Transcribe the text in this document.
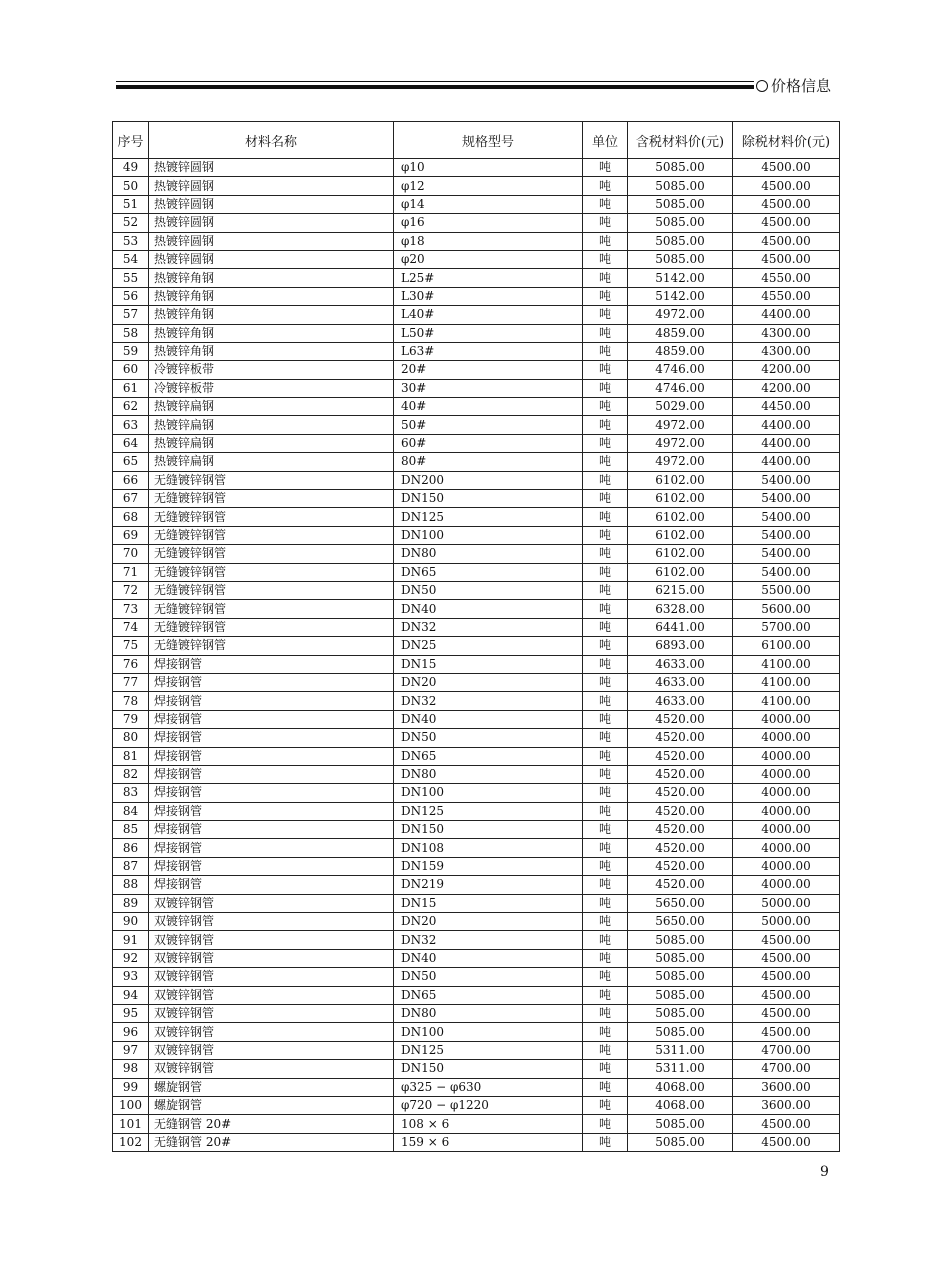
价格信息
序号	材料名称	规格型号	单位	含税材料价(元)	除税材料价(元)
49	热镀锌圆钢	φ10	吨	5085.00	4500.00
50	热镀锌圆钢	φ12	吨	5085.00	4500.00
51	热镀锌圆钢	φ14	吨	5085.00	4500.00
52	热镀锌圆钢	φ16	吨	5085.00	4500.00
53	热镀锌圆钢	φ18	吨	5085.00	4500.00
54	热镀锌圆钢	φ20	吨	5085.00	4500.00
55	热镀锌角钢	L25#	吨	5142.00	4550.00
56	热镀锌角钢	L30#	吨	5142.00	4550.00
57	热镀锌角钢	L40#	吨	4972.00	4400.00
58	热镀锌角钢	L50#	吨	4859.00	4300.00
59	热镀锌角钢	L63#	吨	4859.00	4300.00
60	冷镀锌板带	20#	吨	4746.00	4200.00
61	冷镀锌板带	30#	吨	4746.00	4200.00
62	热镀锌扁钢	40#	吨	5029.00	4450.00
63	热镀锌扁钢	50#	吨	4972.00	4400.00
64	热镀锌扁钢	60#	吨	4972.00	4400.00
65	热镀锌扁钢	80#	吨	4972.00	4400.00
66	无缝镀锌钢管	DN200	吨	6102.00	5400.00
67	无缝镀锌钢管	DN150	吨	6102.00	5400.00
68	无缝镀锌钢管	DN125	吨	6102.00	5400.00
69	无缝镀锌钢管	DN100	吨	6102.00	5400.00
70	无缝镀锌钢管	DN80	吨	6102.00	5400.00
71	无缝镀锌钢管	DN65	吨	6102.00	5400.00
72	无缝镀锌钢管	DN50	吨	6215.00	5500.00
73	无缝镀锌钢管	DN40	吨	6328.00	5600.00
74	无缝镀锌钢管	DN32	吨	6441.00	5700.00
75	无缝镀锌钢管	DN25	吨	6893.00	6100.00
76	焊接钢管	DN15	吨	4633.00	4100.00
77	焊接钢管	DN20	吨	4633.00	4100.00
78	焊接钢管	DN32	吨	4633.00	4100.00
79	焊接钢管	DN40	吨	4520.00	4000.00
80	焊接钢管	DN50	吨	4520.00	4000.00
81	焊接钢管	DN65	吨	4520.00	4000.00
82	焊接钢管	DN80	吨	4520.00	4000.00
83	焊接钢管	DN100	吨	4520.00	4000.00
84	焊接钢管	DN125	吨	4520.00	4000.00
85	焊接钢管	DN150	吨	4520.00	4000.00
86	焊接钢管	DN108	吨	4520.00	4000.00
87	焊接钢管	DN159	吨	4520.00	4000.00
88	焊接钢管	DN219	吨	4520.00	4000.00
89	双镀锌钢管	DN15	吨	5650.00	5000.00
90	双镀锌钢管	DN20	吨	5650.00	5000.00
91	双镀锌钢管	DN32	吨	5085.00	4500.00
92	双镀锌钢管	DN40	吨	5085.00	4500.00
93	双镀锌钢管	DN50	吨	5085.00	4500.00
94	双镀锌钢管	DN65	吨	5085.00	4500.00
95	双镀锌钢管	DN80	吨	5085.00	4500.00
96	双镀锌钢管	DN100	吨	5085.00	4500.00
97	双镀锌钢管	DN125	吨	5311.00	4700.00
98	双镀锌钢管	DN150	吨	5311.00	4700.00
99	螺旋钢管	φ325 − φ630	吨	4068.00	3600.00
100	螺旋钢管	φ720 − φ1220	吨	4068.00	3600.00
101	无缝钢管 20#	108 × 6	吨	5085.00	4500.00
102	无缝钢管 20#	159 × 6	吨	5085.00	4500.00
9
